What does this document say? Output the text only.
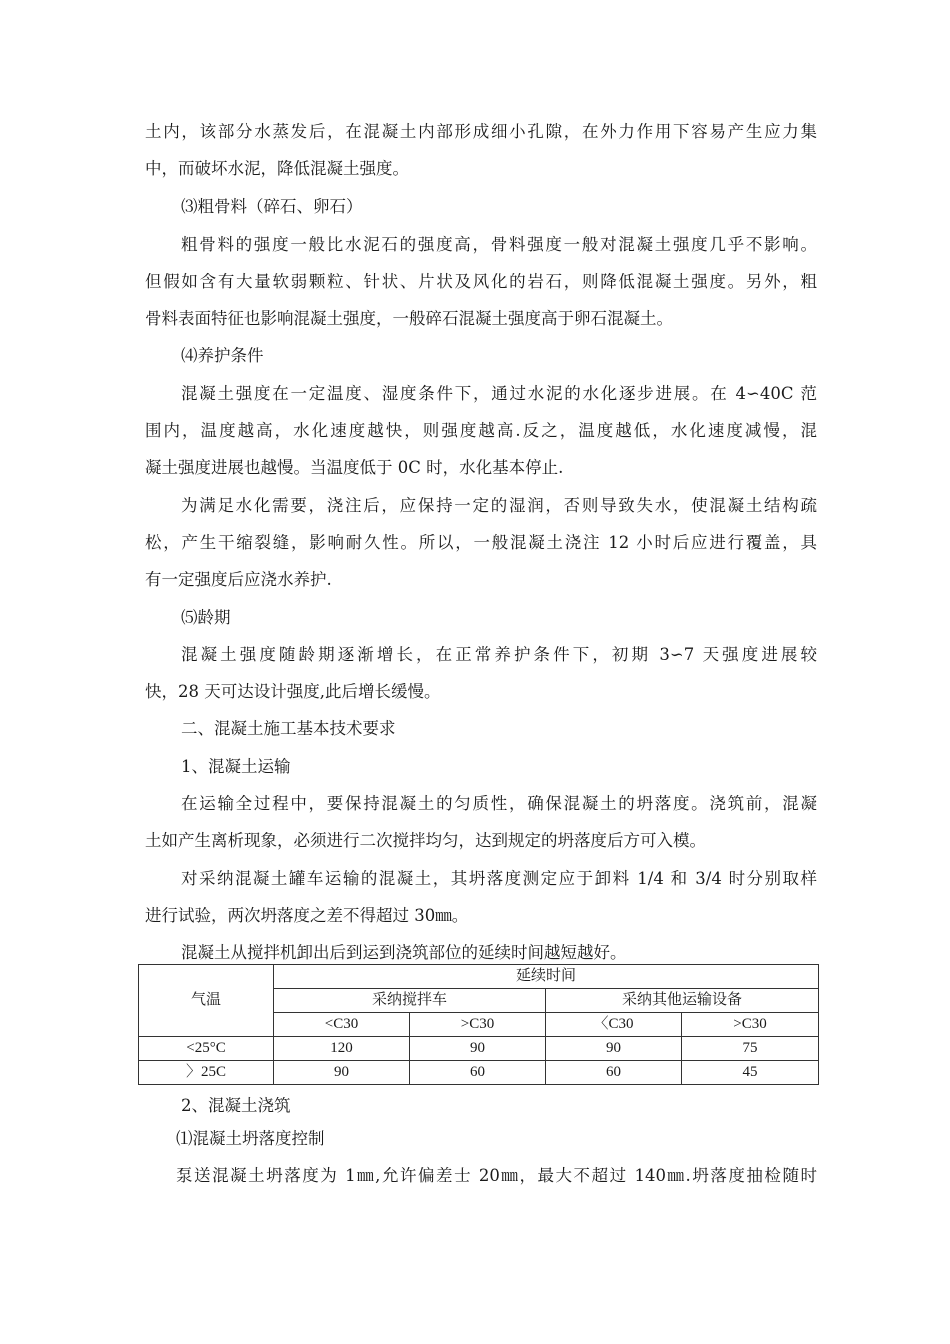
土内，该部分水蒸发后，在混凝土内部形成细小孔隙，在外力作用下容易产生应力集
中，而破坏水泥，降低混凝土强度。
⑶粗骨料（碎石、卵石）
粗骨料的强度一般比水泥石的强度高，骨料强度一般对混凝土强度几乎不影响。
但假如含有大量软弱颗粒、针状、片状及风化的岩石，则降低混凝土强度。另外，粗
骨料表面特征也影响混凝土强度，一般碎石混凝土强度高于卵石混凝土。
⑷养护条件
混凝土强度在一定温度、湿度条件下，通过水泥的水化逐步进展。在 4∽40C 范
围内，温度越高，水化速度越快，则强度越高.反之，温度越低，水化速度减慢，混
凝土强度进展也越慢。当温度低于 0C 时，水化基本停止.
为满足水化需要，浇注后，应保持一定的湿润，否则导致失水，使混凝土结构疏
松，产生干缩裂缝，影响耐久性。所以，一般混凝土浇注 12 小时后应进行覆盖，具
有一定强度后应浇水养护.
⑸龄期
混凝土强度随龄期逐渐增长，在正常养护条件下，初期 3∽7 天强度进展较
快，28 天可达设计强度,此后增长缓慢。
二、混凝土施工基本技术要求
1、混凝土运输
在运输全过程中，要保持混凝土的匀质性，确保混凝土的坍落度。浇筑前，混凝
土如产生离析现象，必须进行二次搅拌均匀，达到规定的坍落度后方可入模。
对采纳混凝土罐车运输的混凝土，其坍落度测定应于卸料 1/4 和 3/4 时分别取样
进行试验，两次坍落度之差不得超过 30㎜。
混凝土从搅拌机卸出后到运到浇筑部位的延续时间越短越好。
气温	延续时间			
	采纳搅拌车		采纳其他运输设备	
	<C30	>C30	〈C30	>C30
<25°C	120	90	90	75
〉25C	90	60	60	45
2、混凝土浇筑
⑴混凝土坍落度控制
泵送混凝土坍落度为 1㎜,允许偏差士 20㎜，最大不超过 140㎜.坍落度抽检随时
